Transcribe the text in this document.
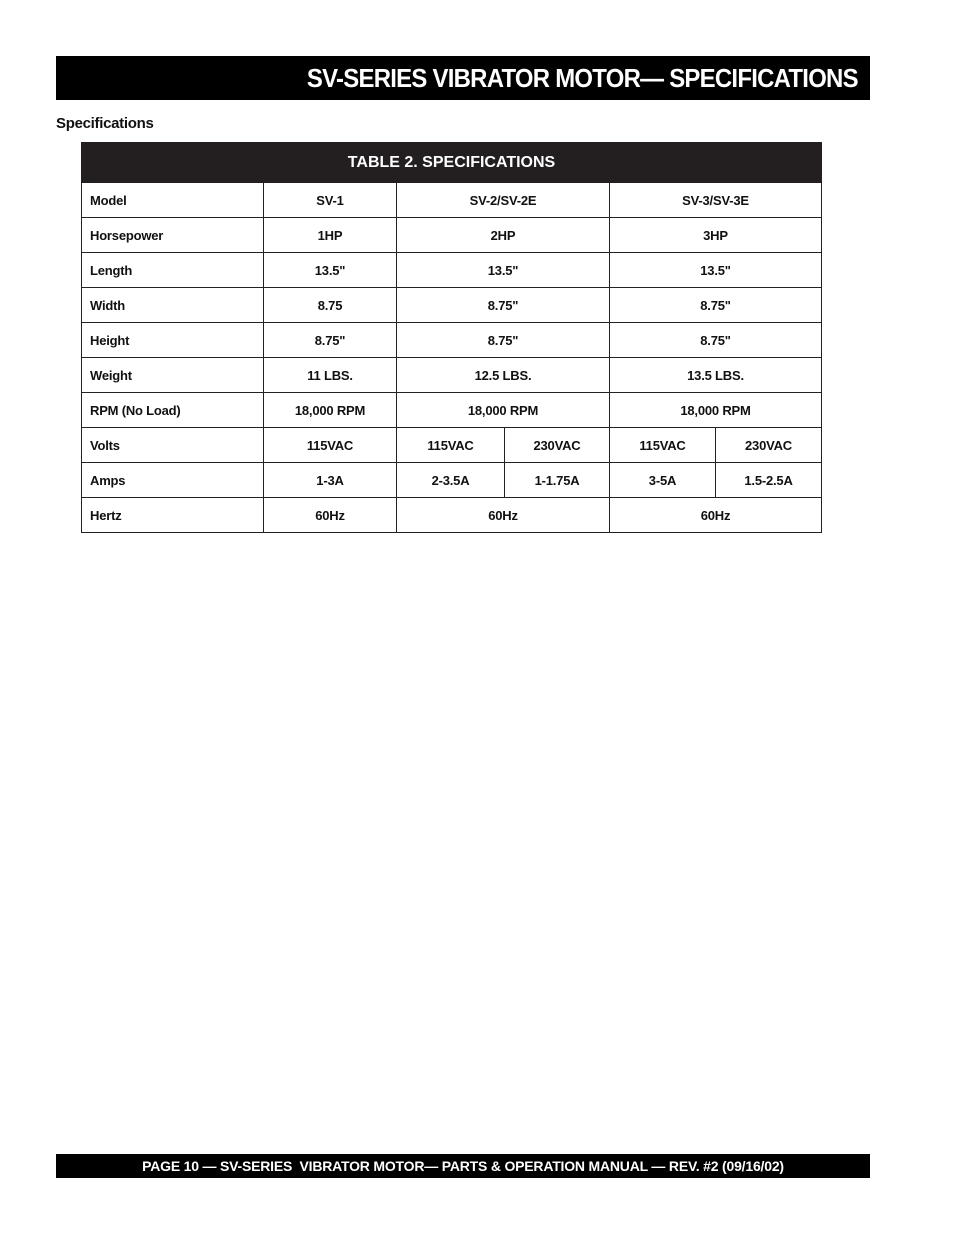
SV-SERIES VIBRATOR MOTOR— SPECIFICATIONS
Specifications
TABLE 2. SPECIFICATIONS					
Model	SV-1	SV-2/SV-2E		SV-3/SV-3E	
Horsepower	1HP	2HP		3HP	
Length	13.5"	13.5"		13.5"	
Width	8.75	8.75"		8.75"	
Height	8.75"	8.75"		8.75"	
Weight	11 LBS.	12.5 LBS.		13.5 LBS.	
RPM (No Load)	18,000 RPM	18,000 RPM		18,000 RPM	
Volts	115VAC	115VAC	230VAC	115VAC	230VAC
Amps	1-3A	2-3.5A	1-1.75A	3-5A	1.5-2.5A
Hertz	60Hz	60Hz		60Hz	
PAGE 10 — SV-SERIES  VIBRATOR MOTOR— PARTS & OPERATION MANUAL — REV. #2 (09/16/02)
